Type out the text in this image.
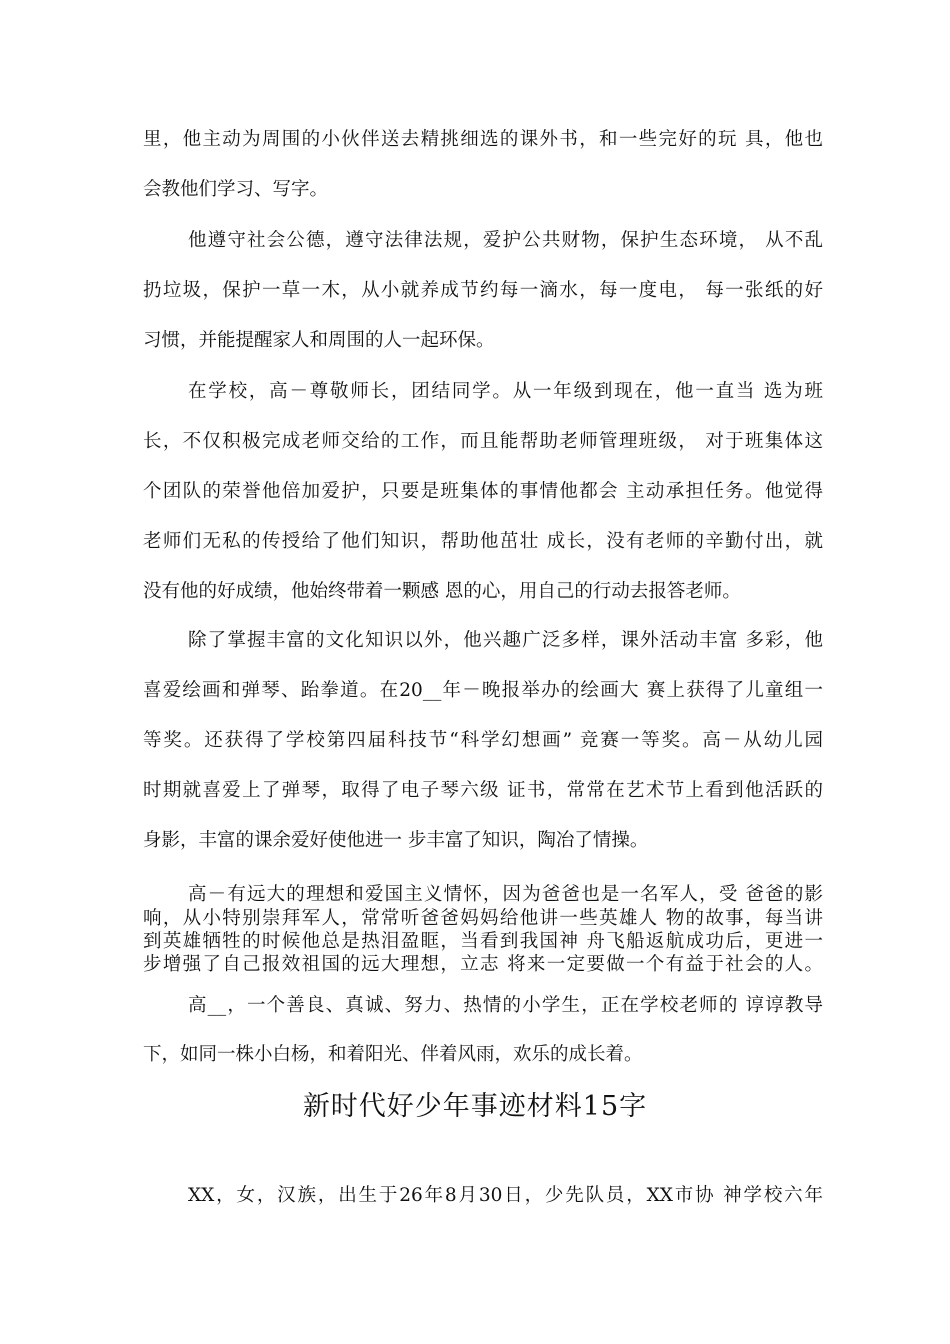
里，他主动为周围的小伙伴送去精挑细选的课外书，和一些完好的玩 具，他也
会教他们学习、写字。
他遵守社会公德，遵守法律法规，爱护公共财物，保护生态环境， 从不乱
扔垃圾，保护一草一木，从小就养成节约每一滴水，每一度电， 每一张纸的好
习惯，并能提醒家人和周围的人一起环保。
在学校，高－尊敬师长，团结同学。从一年级到现在，他一直当 选为班
长，不仅积极完成老师交给的工作，而且能帮助老师管理班级， 对于班集体这
个团队的荣誉他倍加爱护，只要是班集体的事情他都会 主动承担任务。他觉得
老师们无私的传授给了他们知识，帮助他茁壮 成长，没有老师的辛勤付出，就
没有他的好成绩，他始终带着一颗感 恩的心，用自己的行动去报答老师。
除了掌握丰富的文化知识以外，他兴趣广泛多样，课外活动丰富 多彩，他
喜爱绘画和弹琴、跆拳道。在20__年－晚报举办的绘画大 赛上获得了儿童组一
等奖。还获得了学校第四届科技节“科学幻想画” 竞赛一等奖。高－从幼儿园
时期就喜爱上了弹琴，取得了电子琴六级 证书，常常在艺术节上看到他活跃的
身影，丰富的课余爱好使他进一 步丰富了知识，陶冶了情操。
高－有远大的理想和爱国主义情怀，因为爸爸也是一名军人，受 爸爸的影
响，从小特别崇拜军人，常常听爸爸妈妈给他讲一些英雄人 物的故事，每当讲
到英雄牺牲的时候他总是热泪盈眶，当看到我国神 舟飞船返航成功后，更进一
步增强了自己报效祖国的远大理想，立志 将来一定要做一个有益于社会的人。
高__，一个善良、真诚、努力、热情的小学生，正在学校老师的 谆谆教导
下，如同一株小白杨，和着阳光、伴着风雨，欢乐的成长着。
新时代好少年事迹材料15字
XX，女，汉族，出生于26年8月30日，少先队员，XX市协 神学校六年
